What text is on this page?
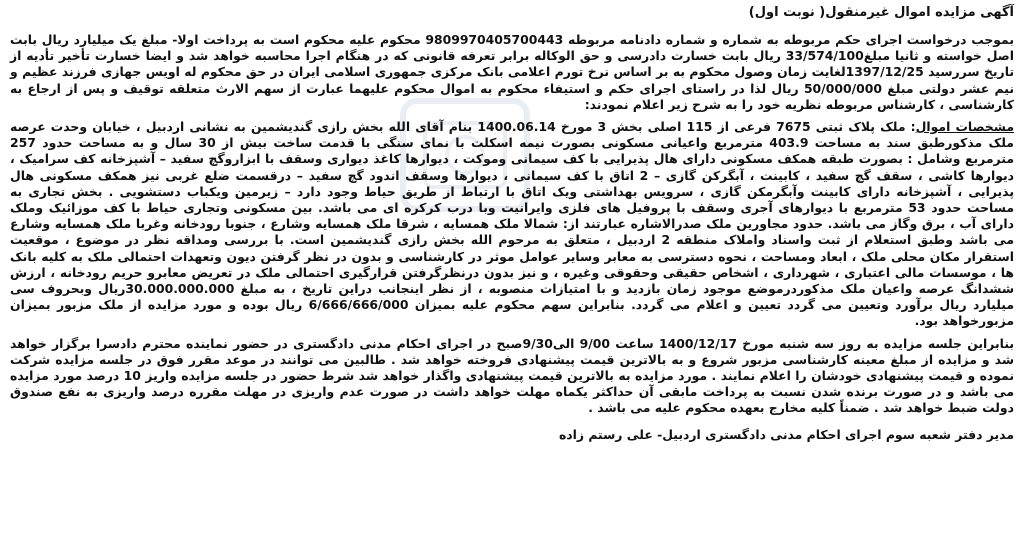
آگهی مزایده اموال غیرمنقول( نوبت اول)

بموجب درخواست اجرای حکم مربوطه به شماره و شماره دادنامه مربوطه 9809970405700443 محکوم علیه محکوم است به پرداخت اولا- مبلغ یک میلیارد ریال بابت اصل خواسته و ثانیا مبلغ33/574/100 ریال بابت خسارت دادرسی و حق الوکاله برابر تعرفه قانونی که در هنگام اجرا محاسبه خواهد شد و ایضا خسارت تأخیر تأدیه از تاریخ سررسید 1397/12/25لغایت زمان وصول محکوم به بر اساس نرخ تورم اعلامی بانک مرکزی جمهوری اسلامی ایران در حق محکوم له اویس جهازی فرزند عظیم و نیم عشر دولتی مبلغ 50/000/000 ریال لذا در راستای اجرای حکم و استیفاء محکوم به اموال محکوم علیهما عبارت از سهم الارث متعلقه توقیف و پس از ارجاع به کارشناسی ، کارشناس مربوطه نظریه خود را به شرح زیر اعلام نمودند:

مشخصات اموال: ملک پلاک ثبتی 7675 فرعی از 115 اصلی بخش 3 مورخ 1400.06.14 بنام آقای الله بخش رازی گندیشمین به نشانی اردبیل ، خیابان وحدت عرصه ملک مذکورطبق سند به مساحت 403.9 مترمربع واعیانی مسکونی بصورت نیمه اسکلت با نمای سنگی با قدمت ساخت بیش از 30 سال و به مساحت حدود 257 مترمربع وشامل : بصورت طبقه همکف مسکونی دارای هال پذیرایی با کف سیمانی وموکت ، دیوارها کاغذ دیواری وسقف با ابزاروگچ سفید – آشپزخانه کف سرامیک ، دیوارها کاشی ، سقف گچ سفید ، کابینت ، آبگرکن گازی – 2 اتاق با کف سیمانی ، دیوارها وسقف اندود گچ سفید – درقسمت ضلع غربی نیز همکف مسکونی هال پذیرایی ، آشپزخانه دارای کابینت وآبگرمکن گازی ، سرویس بهداشتی ویک اتاق با ارتباط از طریق حیاط وجود دارد – زیرمین ویکباب دستشویی . بخش تجاری به مساحت حدود 53 مترمربع با دیوارهای آجری وسقف با پروفیل های فلزی وایرانیت وبا درب کرکره ای می باشد. بین مسکونی وتجاری حیاط با کف موزائیک وملک دارای آب ، برق وگاز می باشد. حدود مجاورین ملک صدرالاشاره عبارتند از: شمالا ملک همسایه ، شرقا ملک همسایه وشارع ، جنوبا رودخانه وغربا ملک همسایه وشارع می باشد وطبق استعلام از ثبت واسناد واملاک منطقه 2 اردبیل ، متعلق به مرحوم الله بخش رازی گندیشمین است. با بررسی ومداقه نظر در موضوع ، موقعیت استقرار مکان محلی ملک ، ابعاد ومساحت ، نحوه دسترسی به معابر وسایر عوامل موثر در کارشناسی و بدون در نظر گرفتن دیون وتعهدات احتمالی ملک به کلیه بانک ها ، موسسات مالی اعتباری ، شهرداری ، اشخاص حقیقی وحقوقی وغیره ، و نیز بدون درنظرگرفتن قرارگیری احتمالی ملک در تعریض معابرو حریم رودخانه ، ارزش ششدانگ عرصه واعیان ملک مذکوردرموضع موجود زمان بازدید و با امتیازات منصوبه ، از نظر اینجانب دراین تاریخ ، به مبلغ 30.000.000.000ریال وبحروف سی میلیارد ریال برآورد وتعیین می گردد تعیین و اعلام می گردد. بنابراین سهم محکوم علیه بمیزان 6/666/666/000 ریال بوده و مورد مزایده از ملک مزبور بمیزان مزبورخواهد بود.

بنابراین جلسه مزایده به روز سه شنبه مورخ 1400/12/17 ساعت 9/00 الی9/30صبح در اجرای احکام مدنی دادگستری در حضور نماینده محترم دادسرا برگزار خواهد شد و مزایده از مبلغ معینه کارشناسی مزبور شروع و به بالاترین قیمت پیشنهادی فروخته خواهد شد . طالبین می توانند در موعد مقرر فوق در جلسه مزایده شرکت نموده و قیمت پیشنهادی خودشان را اعلام نمایند . مورد مزایده به بالاترین قیمت پیشنهادی واگذار خواهد شد شرط حضور در جلسه مزایده واریز 10 درصد مورد مزایده می باشد و در صورت برنده شدن نسبت به پرداخت مابقی آن حداکثر یکماه مهلت خواهد داشت در صورت عدم واریزی در مهلت مقرره درصد واریزی به نفع صندوق دولت ضبط خواهد شد . ضمناً کلیه مخارج بعهده محکوم علیه می باشد .

مدیر دفتر شعبه سوم اجرای احکام مدنی دادگستری اردبیل- علی رستم زاده
